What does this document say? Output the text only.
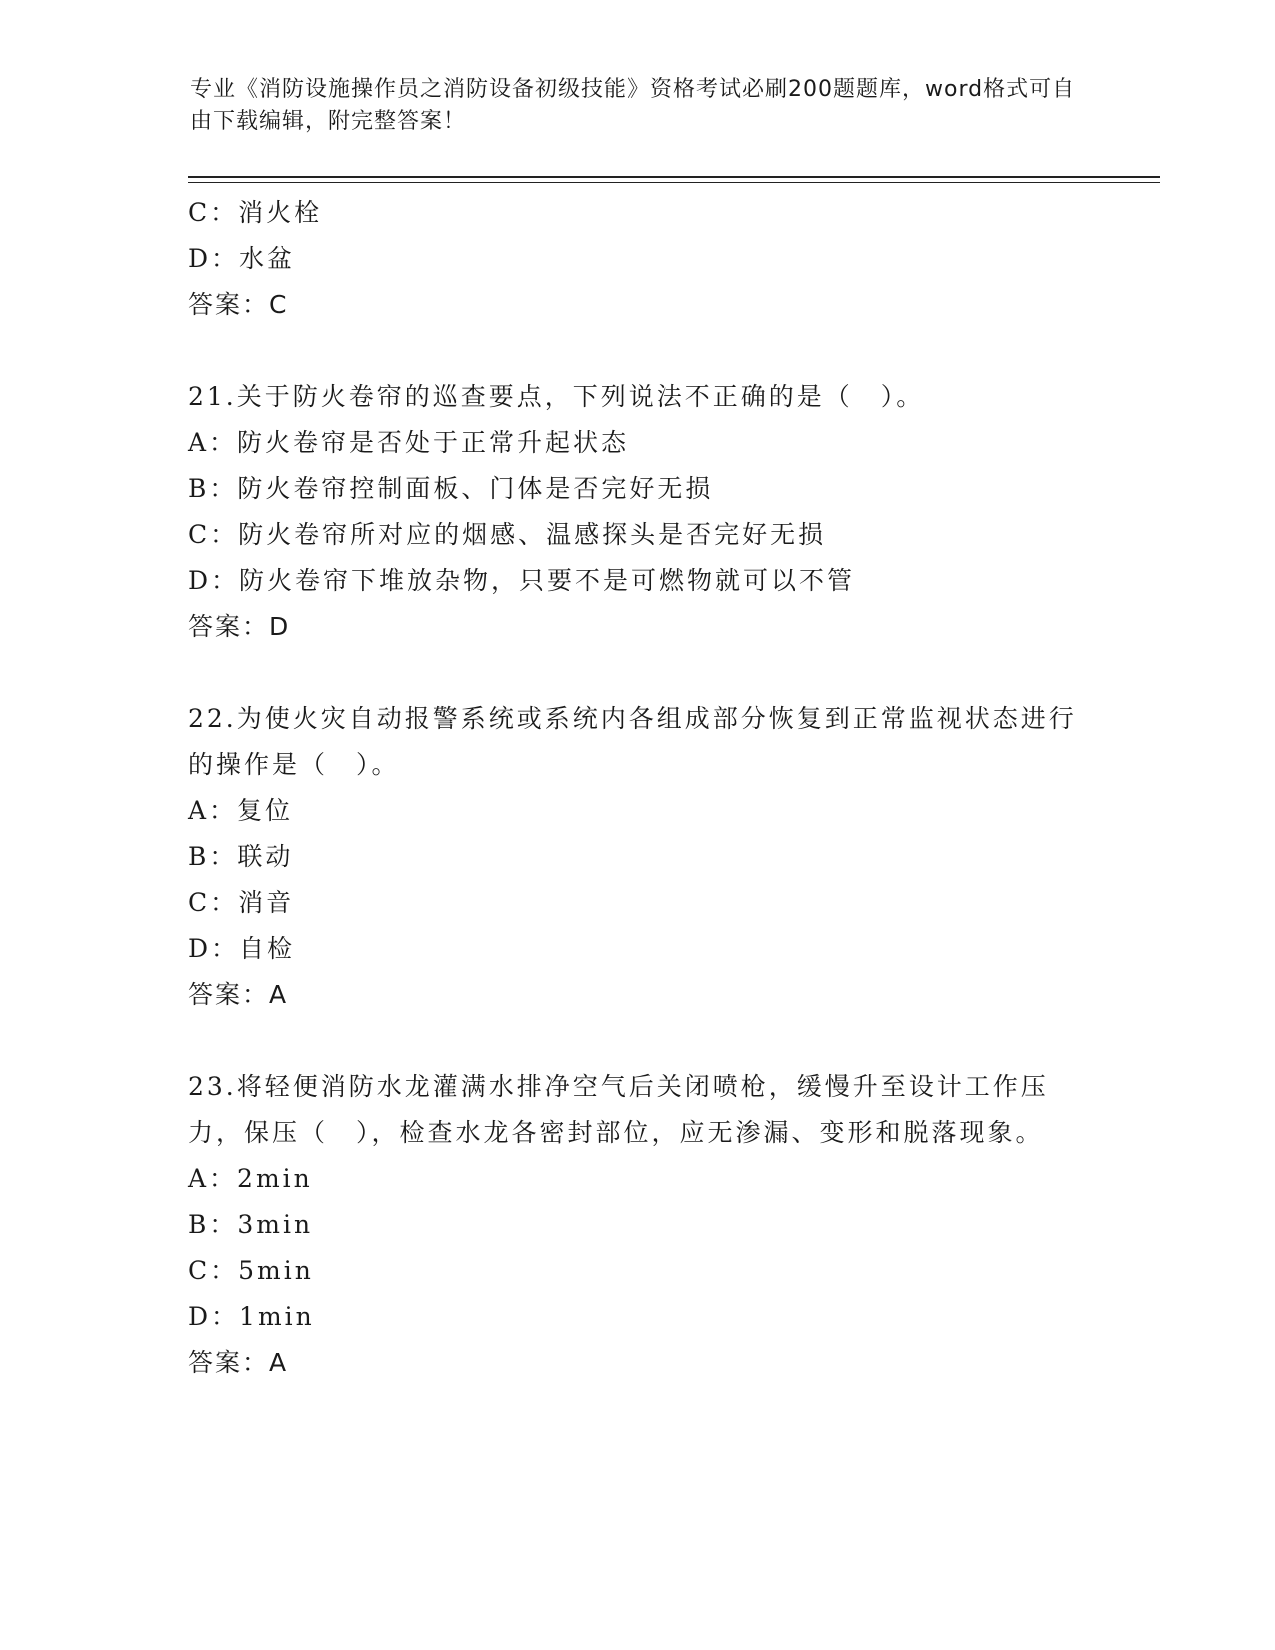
专业《消防设施操作员之消防设备初级技能》资格考试必刷200题题库，word格式可自由下载编辑，附完整答案！
C：消火栓
D：水盆
答案：C
21.关于防火卷帘的巡查要点，下列说法不正确的是（　）。
A：防火卷帘是否处于正常升起状态
B：防火卷帘控制面板、门体是否完好无损
C：防火卷帘所对应的烟感、温感探头是否完好无损
D：防火卷帘下堆放杂物，只要不是可燃物就可以不管
答案：D
22.为使火灾自动报警系统或系统内各组成部分恢复到正常监视状态进行的操作是（　）。
A：复位
B：联动
C：消音
D：自检
答案：A
23.将轻便消防水龙灌满水排净空气后关闭喷枪，缓慢升至设计工作压力，保压（　），检查水龙各密封部位，应无渗漏、变形和脱落现象。
A：2min
B：3min
C：5min
D：1min
答案：A
